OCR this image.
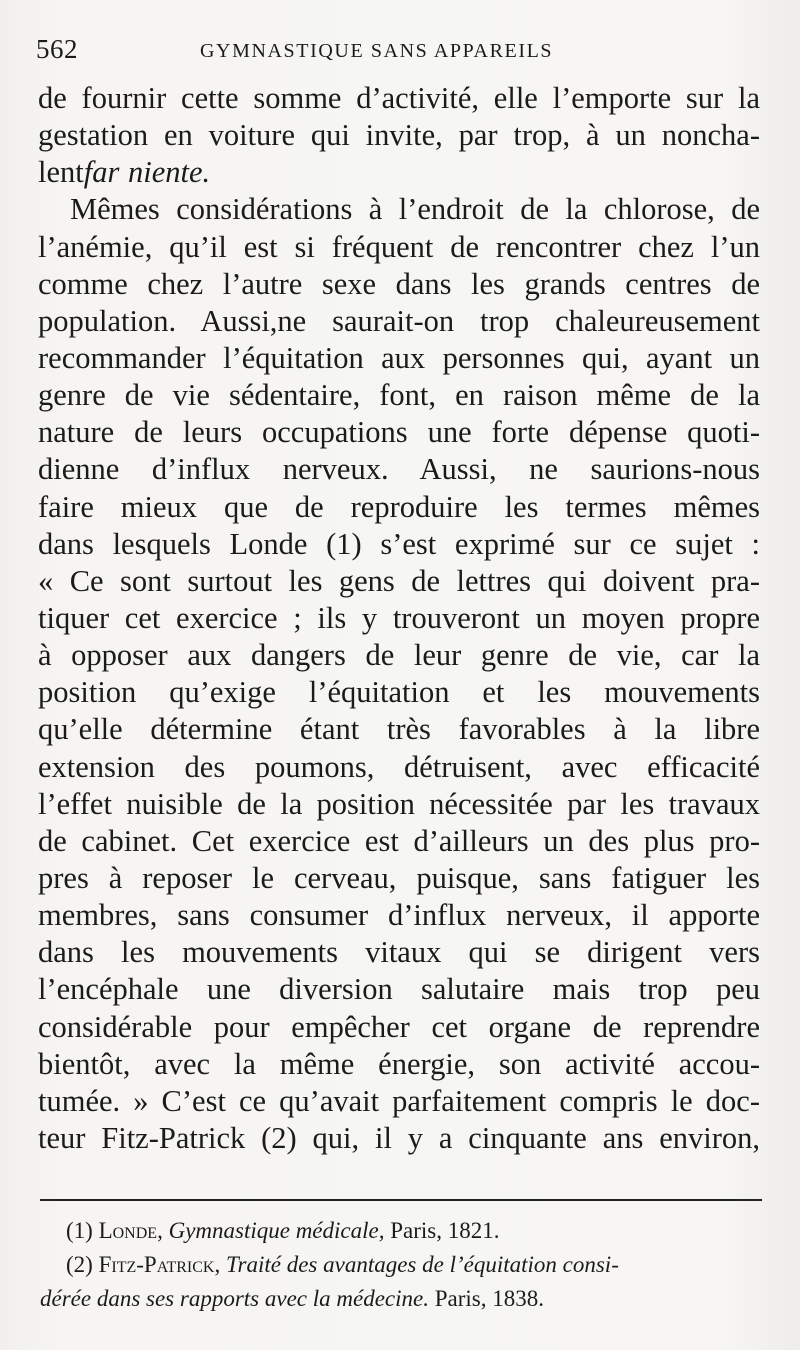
562	GYMNASTIQUE SANS APPAREILS
de fournir cette somme d’activité, elle l’emporte sur la
gestation en voiture qui invite, par trop, à un noncha-
lentfar niente.
Mêmes considérations à l’endroit de la chlorose, de
l’anémie, qu’il est si fréquent de rencontrer chez l’un
comme chez l’autre sexe dans les grands centres de
population. Aussi,ne saurait-on trop chaleureusement
recommander l’équitation aux personnes qui, ayant un
genre de vie sédentaire, font, en raison même de la
nature de leurs occupations une forte dépense quoti-
dienne d’influx nerveux. Aussi, ne saurions-nous
faire mieux que de reproduire les termes mêmes
dans lesquels Londe (1) s’est exprimé sur ce sujet :
« Ce sont surtout les gens de lettres qui doivent pra-
tiquer cet exercice ; ils y trouveront un moyen propre
à opposer aux dangers de leur genre de vie, car la
position qu’exige l’équitation et les mouvements
qu’elle détermine étant très favorables à la libre
extension des poumons, détruisent, avec efficacité
l’effet nuisible de la position nécessitée par les travaux
de cabinet. Cet exercice est d’ailleurs un des plus pro-
pres à reposer le cerveau, puisque, sans fatiguer les
membres, sans consumer d’influx nerveux, il apporte
dans les mouvements vitaux qui se dirigent vers
l’encéphale une diversion salutaire mais trop peu
considérable pour empêcher cet organe de reprendre
bientôt, avec la même énergie, son activité accou-
tumée. » C’est ce qu’avait parfaitement compris le doc-
teur Fitz-Patrick (2) qui, il y a cinquante ans environ,
(1) Londe, Gymnastique médicale, Paris, 1821.
(2) Fitz-Patrick, Traité des avantages de l’équitation consi-
dérée dans ses rapports avec la médecine. Paris, 1838.
